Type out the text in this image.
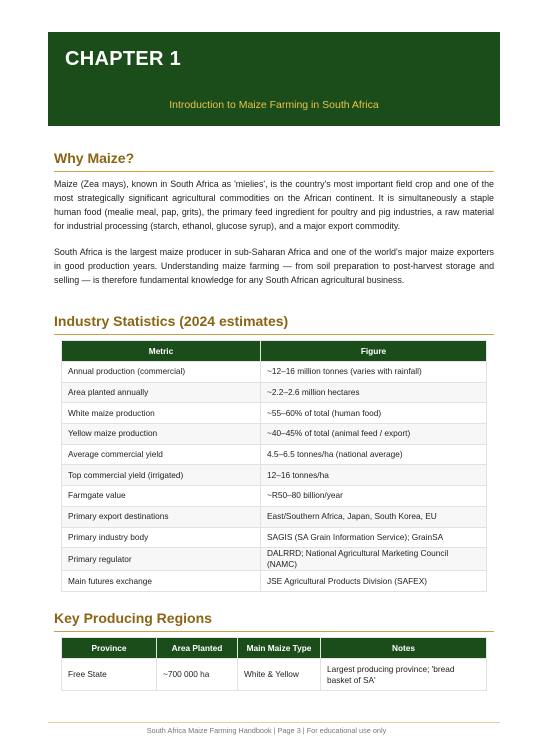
CHAPTER 1
Introduction to Maize Farming in South Africa
Why Maize?

Maize (Zea mays), known in South Africa as 'mielies', is the country's most important field crop and one of the most strategically significant agricultural commodities on the African continent. It is simultaneously a staple human food (mealie meal, pap, grits), the primary feed ingredient for poultry and pig industries, a raw material for industrial processing (starch, ethanol, glucose syrup), and a major export commodity.

South Africa is the largest maize producer in sub-Saharan Africa and one of the world's major maize exporters in good production years. Understanding maize farming — from soil preparation to post-harvest storage and selling — is therefore fundamental knowledge for any South African agricultural business.

Industry Statistics (2024 estimates)
Metric	Figure
Annual production (commercial)	~12–16 million tonnes (varies with rainfall)
Area planted annually	~2.2–2.6 million hectares
White maize production	~55–60% of total (human food)
Yellow maize production	~40–45% of total (animal feed / export)
Average commercial yield	4.5–6.5 tonnes/ha (national average)
Top commercial yield (irrigated)	12–16 tonnes/ha
Farmgate value	~R50–80 billion/year
Primary export destinations	East/Southern Africa, Japan, South Korea, EU
Primary industry body	SAGIS (SA Grain Information Service); GrainSA
Primary regulator	DALRRD; National Agricultural Marketing Council (NAMC)
Main futures exchange	JSE Agricultural Products Division (SAFEX)
Key Producing Regions
Province	Area Planted	Main Maize Type	Notes
Free State	~700 000 ha	White & Yellow	Largest producing province; 'bread basket of SA'
South Africa Maize Farming Handbook | Page 3 | For educational use only
